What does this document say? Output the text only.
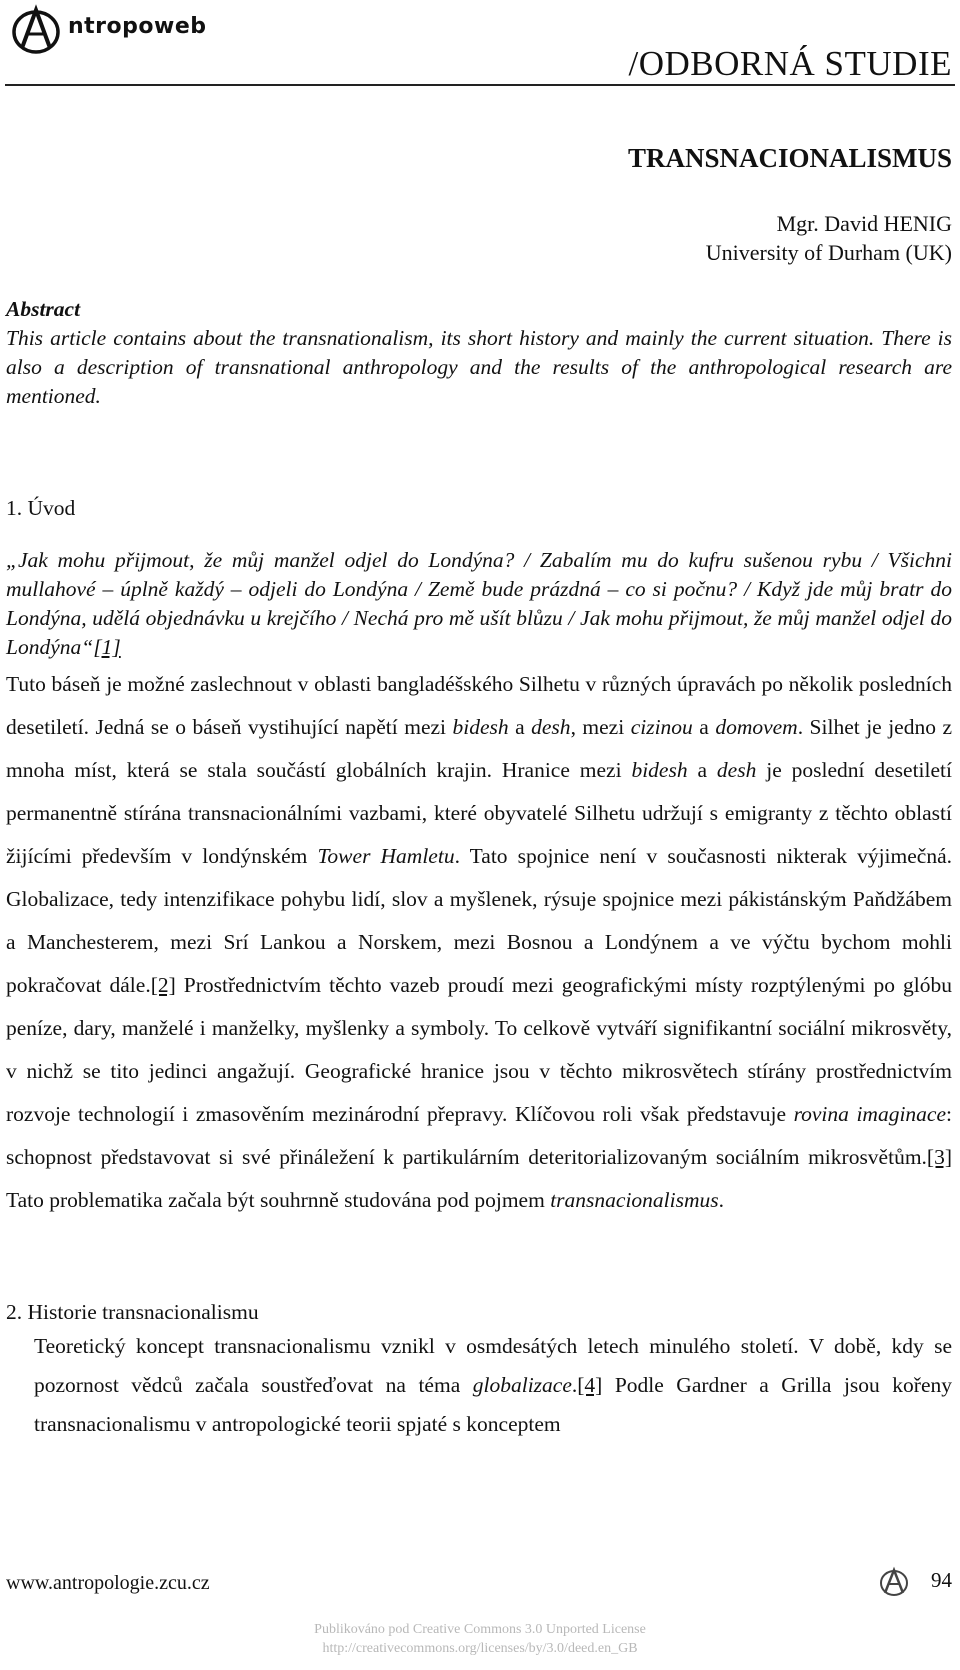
ntropoweb
/ODBORNÁ STUDIE
TRANSNACIONALISMUS
Mgr. David HENIG
University of Durham (UK)
Abstract
This article contains about the transnationalism, its short history and mainly the current situation. There is also a description of transnational anthropology and the results of the anthropological research are mentioned.
1. Úvod
„Jak mohu přijmout, že můj manžel odjel do Londýna? / Zabalím mu do kufru sušenou rybu / Všichni mullahové – úplně každý – odjeli do Londýna / Země bude prázdná – co si počnu? / Když jde můj bratr do Londýna, udělá objednávku u krejčího / Nechá pro mě ušít blůzu / Jak mohu přijmout, že můj manžel odjel do Londýna“[1]
Tuto báseň je možné zaslechnout v oblasti bangladéšského Silhetu v různých úpravách po několik posledních desetiletí. Jedná se o báseň vystihující napětí mezi bidesh a desh, mezi cizinou a domovem. Silhet je jedno z mnoha míst, která se stala součástí globálních krajin. Hranice mezi bidesh a desh je poslední desetiletí permanentně stírána transnacionálními vazbami, které obyvatelé Silhetu udržují s emigranty z těchto oblastí žijícími především v londýnském Tower Hamletu. Tato spojnice není v současnosti nikterak výjimečná. Globalizace, tedy intenzifikace pohybu lidí, slov a myšlenek, rýsuje spojnice mezi pákistánským Paňdžábem a Manchesterem, mezi Srí Lankou a Norskem, mezi Bosnou a Londýnem a ve výčtu bychom mohli pokračovat dále.[2] Prostřednictvím těchto vazeb proudí mezi geografickými místy rozptýlenými po glóbu peníze, dary, manželé i manželky, myšlenky a symboly. To celkově vytváří signifikantní sociální mikrosvěty, v nichž se tito jedinci angažují. Geografické hranice jsou v těchto mikrosvětech stírány prostřednictvím rozvoje technologií i zmasověním mezinárodní přepravy. Klíčovou roli však představuje rovina imaginace: schopnost představovat si své přináležení k partikulárním deteritorializovaným sociálním mikrosvětům.[3] Tato problematika začala být souhrnně studována pod pojmem transnacionalismus.
2. Historie transnacionalismu
Teoretický koncept transnacionalismu vznikl v osmdesátých letech minulého století. V době, kdy se pozornost vědců začala soustřeďovat na téma globalizace.[4] Podle Gardner a Grilla jsou kořeny transnacionalismu v antropologické teorii spjaté s konceptem
www.antropologie.zcu.cz	94
Publikováno pod Creative Commons 3.0 Unported License
http://creativecommons.org/licenses/by/3.0/deed.en_GB
